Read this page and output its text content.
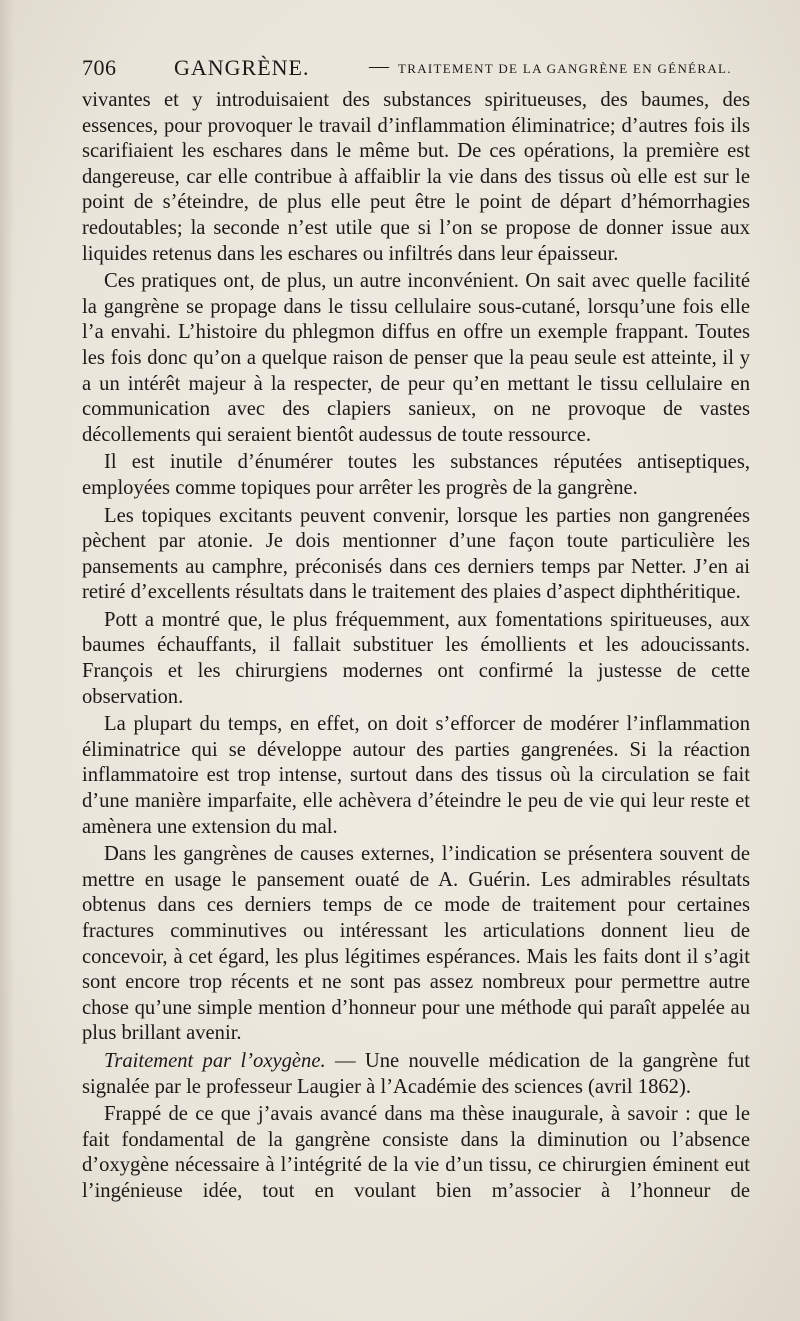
706	GANGRÈNE.	— TRAITEMENT DE LA GANGRÈNE EN GÉNÉRAL.

vivantes et y introduisaient des substances spiritueuses, des baumes, des essences, pour provoquer le travail d’inflammation éliminatrice; d’autres fois ils scarifiaient les eschares dans le même but. De ces opérations, la première est dangereuse, car elle contribue à affaiblir la vie dans des tissus où elle est sur le point de s’éteindre, de plus elle peut être le point de départ d’hémorrhagies redoutables; la seconde n’est utile que si l’on se propose de donner issue aux liquides retenus dans les eschares ou infiltrés dans leur épaisseur.

Ces pratiques ont, de plus, un autre inconvénient. On sait avec quelle facilité la gangrène se propage dans le tissu cellulaire sous-cutané, lorsqu’une fois elle l’a envahi. L’histoire du phlegmon diffus en offre un exemple frappant. Toutes les fois donc qu’on a quelque raison de penser que la peau seule est atteinte, il y a un intérêt majeur à la respecter, de peur qu’en mettant le tissu cellulaire en communication avec des clapiers sanieux, on ne provoque de vastes décollements qui seraient bientôt audessus de toute ressource.

Il est inutile d’énumérer toutes les substances réputées antiseptiques, employées comme topiques pour arrêter les progrès de la gangrène.

Les topiques excitants peuvent convenir, lorsque les parties non gangrenées pèchent par atonie. Je dois mentionner d’une façon toute particulière les pansements au camphre, préconisés dans ces derniers temps par Netter. J’en ai retiré d’excellents résultats dans le traitement des plaies d’aspect diphthéritique.

Pott a montré que, le plus fréquemment, aux fomentations spiritueuses, aux baumes échauffants, il fallait substituer les émollients et les adoucissants. François et les chirurgiens modernes ont confirmé la justesse de cette observation.

La plupart du temps, en effet, on doit s’efforcer de modérer l’inflammation éliminatrice qui se développe autour des parties gangrenées. Si la réaction inflammatoire est trop intense, surtout dans des tissus où la circulation se fait d’une manière imparfaite, elle achèvera d’éteindre le peu de vie qui leur reste et amènera une extension du mal.

Dans les gangrènes de causes externes, l’indication se présentera souvent de mettre en usage le pansement ouaté de A. Guérin. Les admirables résultats obtenus dans ces derniers temps de ce mode de traitement pour certaines fractures comminutives ou intéressant les articulations donnent lieu de concevoir, à cet égard, les plus légitimes espérances. Mais les faits dont il s’agit sont encore trop récents et ne sont pas assez nombreux pour permettre autre chose qu’une simple mention d’honneur pour une méthode qui paraît appelée au plus brillant avenir.

Traitement par l’oxygène. — Une nouvelle médication de la gangrène fut signalée par le professeur Laugier à l’Académie des sciences (avril 1862).

Frappé de ce que j’avais avancé dans ma thèse inaugurale, à savoir : que le fait fondamental de la gangrène consiste dans la diminution ou l’absence d’oxygène nécessaire à l’intégrité de la vie d’un tissu, ce chirurgien éminent eut l’ingénieuse idée, tout en voulant bien m’associer à l’honneur de
